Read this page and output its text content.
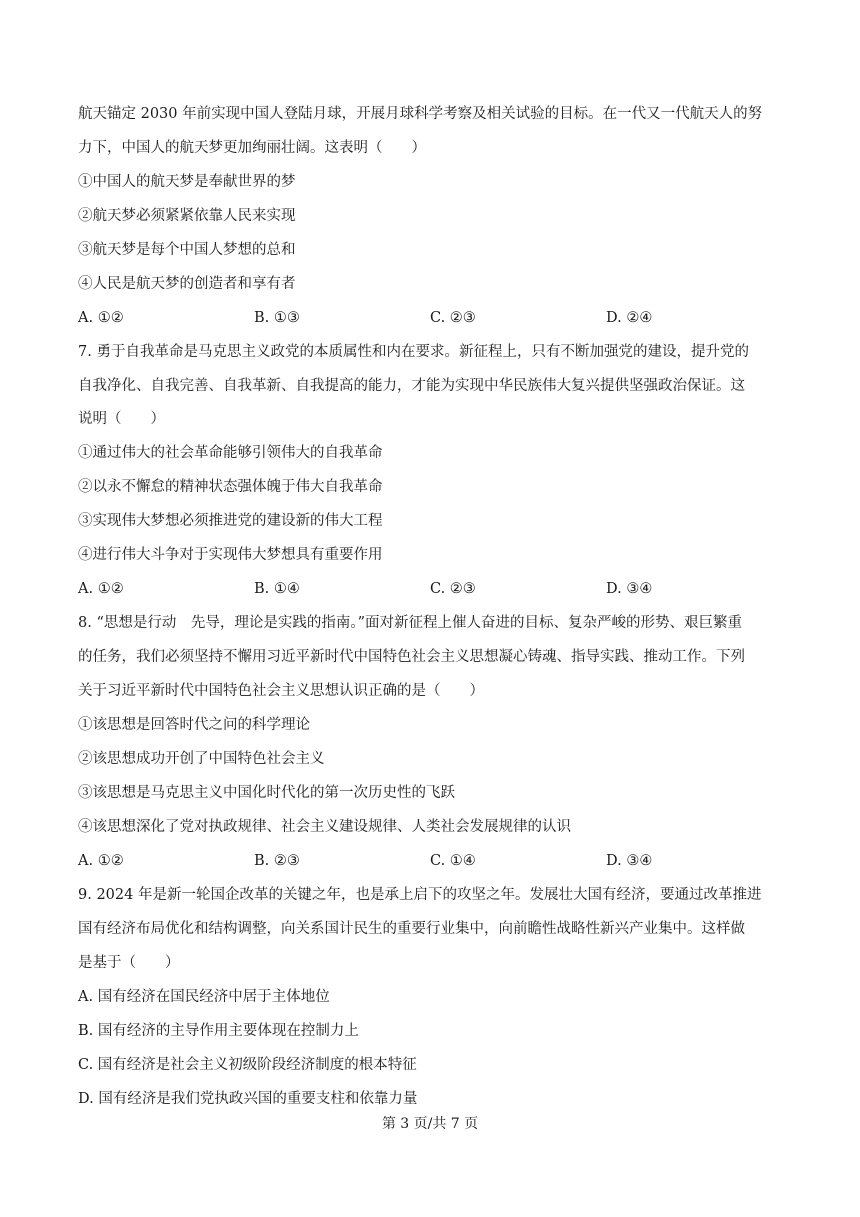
航天锚定 2030 年前实现中国人登陆月球，开展月球科学考察及相关试验的目标。在一代又一代航天人的努
力下，中国人的航天梦更加绚丽壮阔。这表明（　　）
①中国人的航天梦是奉献世界的梦
②航天梦必须紧紧依靠人民来实现
③航天梦是每个中国人梦想的总和
④人民是航天梦的创造者和享有者
A. ①②	B. ①③	C. ②③	D. ②④
7. 勇于自我革命是马克思主义政党的本质属性和内在要求。新征程上，只有不断加强党的建设，提升党的
自我净化、自我完善、自我革新、自我提高的能力，才能为实现中华民族伟大复兴提供坚强政治保证。这
说明（　　）
①通过伟大的社会革命能够引领伟大的自我革命
②以永不懈怠的精神状态强体魄于伟大自我革命
③实现伟大梦想必须推进党的建设新的伟大工程
④进行伟大斗争对于实现伟大梦想具有重要作用
A. ①②	B. ①④	C. ②③	D. ③④
8. “思想是行动　先导，理论是实践的指南。”面对新征程上催人奋进的目标、复杂严峻的形势、艰巨繁重
的任务，我们必须坚持不懈用习近平新时代中国特色社会主义思想凝心铸魂、指导实践、推动工作。下列
关于习近平新时代中国特色社会主义思想认识正确的是（　　）
①该思想是回答时代之问的科学理论
②该思想成功开创了中国特色社会主义
③该思想是马克思主义中国化时代化的第一次历史性的飞跃
④该思想深化了党对执政规律、社会主义建设规律、人类社会发展规律的认识
A. ①②	B. ②③	C. ①④	D. ③④
9. 2024 年是新一轮国企改革的关键之年，也是承上启下的攻坚之年。发展壮大国有经济，要通过改革推进
国有经济布局优化和结构调整，向关系国计民生的重要行业集中，向前瞻性战略性新兴产业集中。这样做
是基于（　　）
A. 国有经济在国民经济中居于主体地位
B. 国有经济的主导作用主要体现在控制力上
C. 国有经济是社会主义初级阶段经济制度的根本特征
D. 国有经济是我们党执政兴国的重要支柱和依靠力量
第 3 页/共 7 页
